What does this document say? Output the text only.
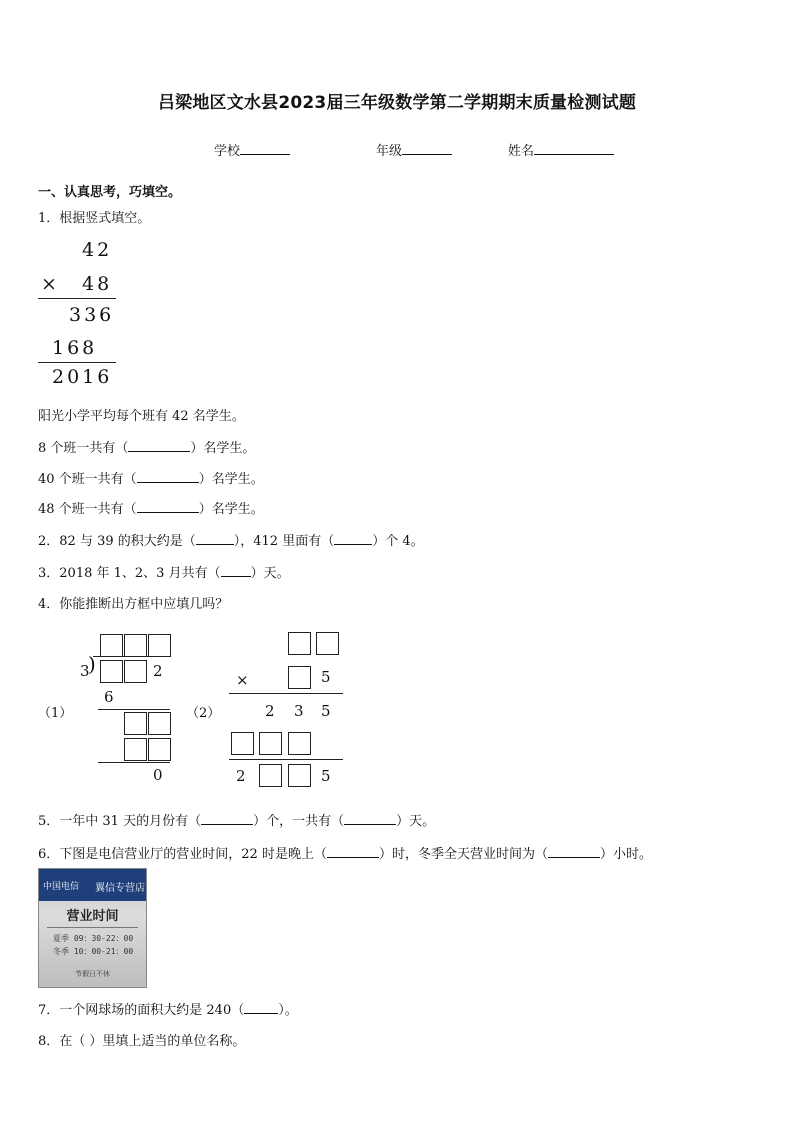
吕梁地区文水县2023届三年级数学第二学期期末质量检测试题
学校	年级	姓名
一、认真思考，巧填空。
1．根据竖式填空。
42
× 48
336
168
2016
阳光小学平均每个班有 42 名学生。
8 个班一共有（	）名学生。
40 个班一共有（	）名学生。
48 个班一共有（	）名学生。
2．82 与 39 的积大约是（	），412 里面有（	）个 4。
3．2018 年 1、2、3 月共有（ ）天。
4．你能推断出方框中应填几吗？
（1）
3
)	2
6
0
（2）
×	5
2 3 5
2	5
5．一年中 31 天的月份有（	）个，一共有（	）天。
6．下图是电信营业厅的营业时间，22 时是晚上（	）时，冬季全天营业时间为（	）小时。
中国电信 翼信专营店
营业时间
夏季 09：30-22：00
冬季 10：00-21：00
节假日不休
7．一个网球场的面积大约是 240（	）。
8．在（ ）里填上适当的单位名称。
